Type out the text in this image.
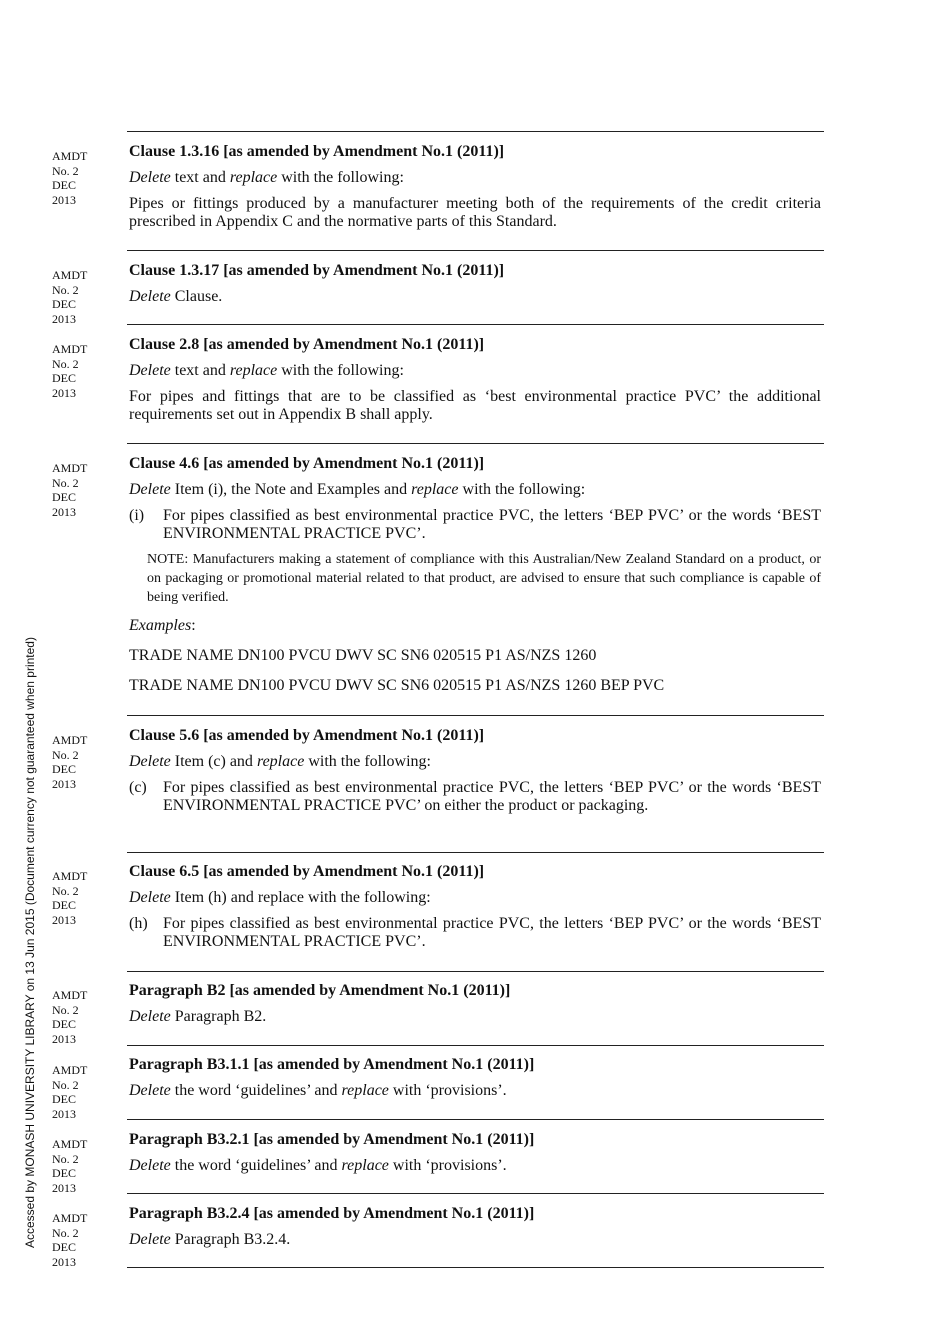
Accessed by MONASH UNIVERSITY LIBRARY on 13 Jun 2015 (Document currency not guaranteed when printed)
AMDT
No. 2
DEC
2013
AMDT
No. 2
DEC
2013
AMDT
No. 2
DEC
2013
AMDT
No. 2
DEC
2013
AMDT
No. 2
DEC
2013
AMDT
No. 2
DEC
2013
AMDT
No. 2
DEC
2013
AMDT
No. 2
DEC
2013
AMDT
No. 2
DEC
2013
AMDT
No. 2
DEC
2013

Clause 1.3.16 [as amended by Amendment No.1 (2011)]

Delete text and replace with the following:

Pipes or fittings produced by a manufacturer meeting both of the requirements of the credit criteria prescribed in Appendix C and the normative parts of this Standard.

Clause 1.3.17 [as amended by Amendment No.1 (2011)]

Delete Clause.

Clause 2.8 [as amended by Amendment No.1 (2011)]

Delete text and replace with the following:

For pipes and fittings that are to be classified as ‘best environmental practice PVC’ the additional requirements set out in Appendix B shall apply.

Clause 4.6 [as amended by Amendment No.1 (2011)]

Delete Item (i), the Note and Examples and replace with the following:

(i) For pipes classified as best environmental practice PVC, the letters ‘BEP PVC’ or the words ‘BEST ENVIRONMENTAL PRACTICE PVC’.

NOTE: Manufacturers making a statement of compliance with this Australian/New Zealand Standard on a product, or on packaging or promotional material related to that product, are advised to ensure that such compliance is capable of being verified.

Examples:

TRADE NAME DN100 PVCU DWV SC SN6 020515 P1 AS/NZS 1260

TRADE NAME DN100 PVCU DWV SC SN6 020515 P1 AS/NZS 1260 BEP PVC

Clause 5.6 [as amended by Amendment No.1 (2011)]

Delete Item (c) and replace with the following:

(c) For pipes classified as best environmental practice PVC, the letters ‘BEP PVC’ or the words ‘BEST ENVIRONMENTAL PRACTICE PVC’ on either the product or packaging.

Clause 6.5 [as amended by Amendment No.1 (2011)]

Delete Item (h) and replace with the following:

(h) For pipes classified as best environmental practice PVC, the letters ‘BEP PVC’ or the words ‘BEST ENVIRONMENTAL PRACTICE PVC’.

Paragraph B2 [as amended by Amendment No.1 (2011)]

Delete Paragraph B2.

Paragraph B3.1.1 [as amended by Amendment No.1 (2011)]

Delete the word ‘guidelines’ and replace with ‘provisions’.

Paragraph B3.2.1 [as amended by Amendment No.1 (2011)]

Delete the word ‘guidelines’ and replace with ‘provisions’.

Paragraph B3.2.4 [as amended by Amendment No.1 (2011)]

Delete Paragraph B3.2.4.
